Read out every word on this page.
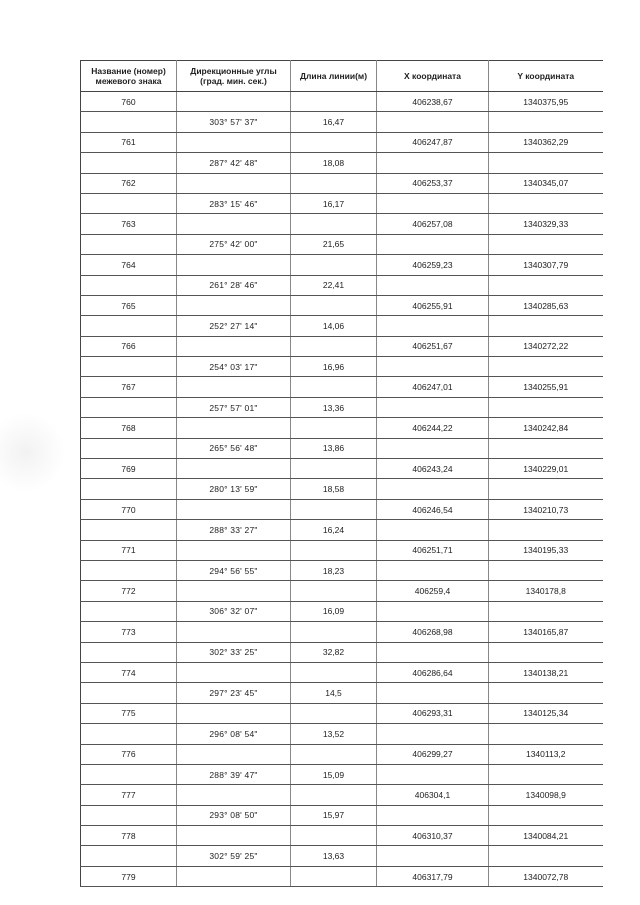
Название (номер) межевого знака	Дирекционные углы (град. мин. сек.)	Длина линии(м)	X координата	Y координата
760			406238,67	1340375,95
	303° 57' 37"	16,47		
761			406247,87	1340362,29
	287° 42' 48"	18,08		
762			406253,37	1340345,07
	283° 15' 46"	16,17		
763			406257,08	1340329,33
	275° 42' 00"	21,65		
764			406259,23	1340307,79
	261° 28' 46"	22,41		
765			406255,91	1340285,63
	252° 27' 14"	14,06		
766			406251,67	1340272,22
	254° 03' 17"	16,96		
767			406247,01	1340255,91
	257° 57' 01"	13,36		
768			406244,22	1340242,84
	265° 56' 48"	13,86		
769			406243,24	1340229,01
	280° 13' 59"	18,58		
770			406246,54	1340210,73
	288° 33' 27"	16,24		
771			406251,71	1340195,33
	294° 56' 55"	18,23		
772			406259,4	1340178,8
	306° 32' 07"	16,09		
773			406268,98	1340165,87
	302° 33' 25"	32,82		
774			406286,64	1340138,21
	297° 23' 45"	14,5		
775			406293,31	1340125,34
	296° 08' 54"	13,52		
776			406299,27	1340113,2
	288° 39' 47"	15,09		
777			406304,1	1340098,9
	293° 08' 50"	15,97		
778			406310,37	1340084,21
	302° 59' 25"	13,63		
779			406317,79	1340072,78
